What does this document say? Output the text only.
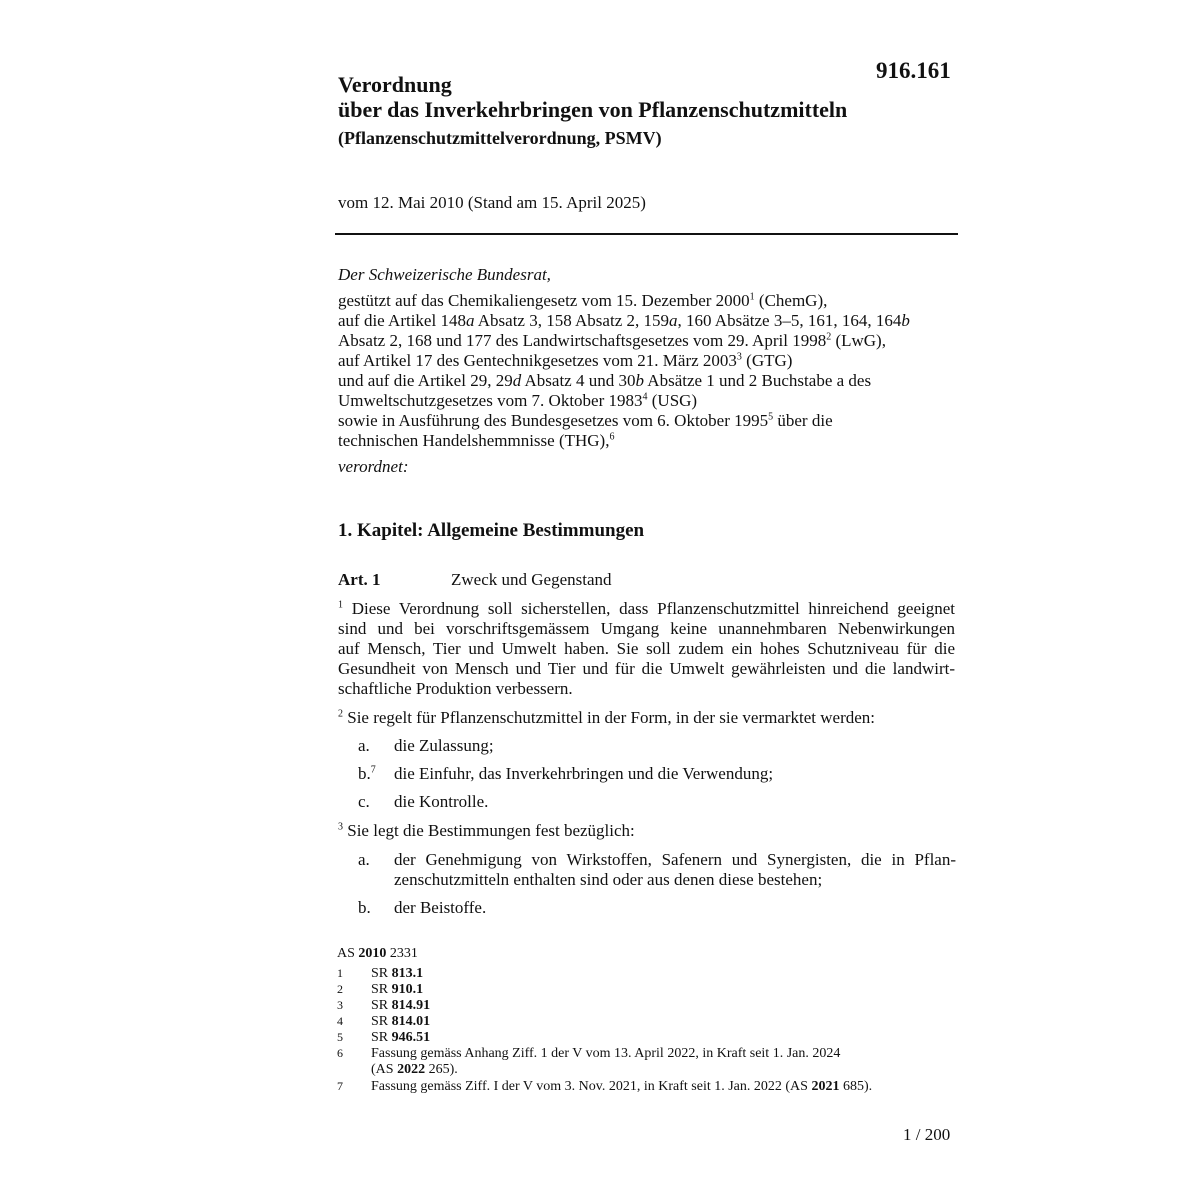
916.161
Verordnung
über das Inverkehrbringen von Pflanzenschutzmitteln
(Pflanzenschutzmittelverordnung, PSMV)
vom 12. Mai 2010 (Stand am 15. April 2025)
Der Schweizerische Bundesrat,
gestützt auf das Chemikaliengesetz vom 15. Dezember 2000$^1$ (ChemG),
auf die Artikel 148a Absatz 3, 158 Absatz 2, 159a, 160 Absätze 3–5, 161, 164, 164b
Absatz 2, 168 und 177 des Landwirtschaftsgesetzes vom 29. April 1998$^2$ (LwG),
auf Artikel 17 des Gentechnikgesetzes vom 21. März 2003$^3$ (GTG)
und auf die Artikel 29, 29d Absatz 4 und 30b Absätze 1 und 2 Buchstabe a des
Umweltschutzgesetzes vom 7. Oktober 1983$^4$ (USG)
sowie in Ausführung des Bundesgesetzes vom 6. Oktober 1995$^5$ über die
technischen Handelshemmnisse (THG),$^6$
verordnet:
1. Kapitel: Allgemeine Bestimmungen
Art. 1	Zweck und Gegenstand
$^1$ Diese Verordnung soll sicherstellen, dass Pflanzenschutzmittel hinreichend geeignet
sind und bei vorschriftsgemässem Umgang keine unannehmbaren Nebenwirkungen
auf Mensch, Tier und Umwelt haben. Sie soll zudem ein hohes Schutzniveau für die
Gesundheit von Mensch und Tier und für die Umwelt gewährleisten und die landwirt-
schaftliche Produktion verbessern.
$^2$ Sie regelt für Pflanzenschutzmittel in der Form, in der sie vermarktet werden:
a. die Zulassung;
b.$^7$ die Einfuhr, das Inverkehrbringen und die Verwendung;
c. die Kontrolle.
$^3$ Sie legt die Bestimmungen fest bezüglich:
a. der Genehmigung von Wirkstoffen, Safenern und Synergisten, die in Pflan-
zenschutzmitteln enthalten sind oder aus denen diese bestehen;
b. der Beistoffe.
AS 2010 2331
1 SR 813.1
2 SR 910.1
3 SR 814.91
4 SR 814.01
5 SR 946.51
6 Fassung gemäss Anhang Ziff. 1 der V vom 13. April 2022, in Kraft seit 1. Jan. 2024
(AS 2022 265).
7 Fassung gemäss Ziff. I der V vom 3. Nov. 2021, in Kraft seit 1. Jan. 2022 (AS 2021 685).
1 / 200
